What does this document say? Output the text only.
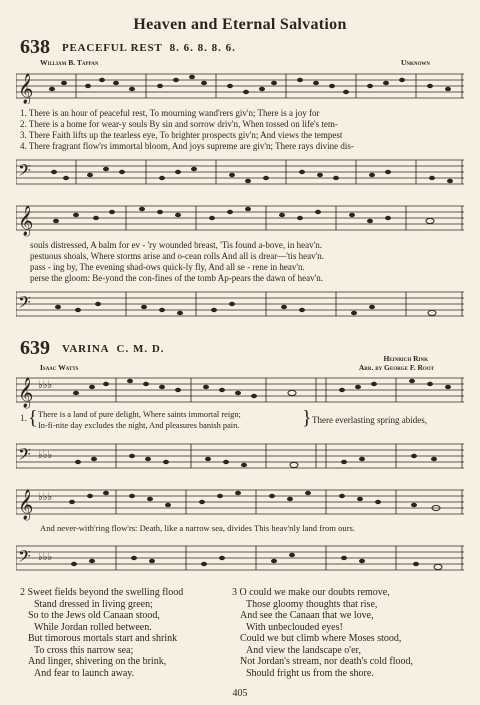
Heaven and Eternal Salvation
638 PEACEFUL REST 8. 6. 8. 8. 6.
William B. Tappan	Unknown
𝄞
1. There is an hour of peaceful rest, To mourning wand'rers giv'n; There is a joy for
2. There is a home for wear-y souls By sin and sorrow driv'n, When tossed on life's tem-
3. There Faith lifts up the tearless eye, To brighter prospects giv'n; And views the tempest
4. There fragrant flow'rs immortal bloom, And joys supreme are giv'n; There rays divine dis-
𝄢
𝄞
souls distressed, A balm for ev - 'ry wounded breast, 'Tis found a-bove, in heav'n.
pestuous shoals, Where storms arise and o-cean rolls And all is drear—'tis heav'n.
pass - ing by, The evening shad-ows quick-ly fly, And all se - rene in heav'n.
perse the gloom: Be-yond the con-fines of the tomb Ap-pears the dawn of heav'n.
𝄢
639 VARINA C. M. D.
Heinrich Rink
Isaac Watts	Arr. by George F. Root
𝄞 ♭♭♭
1. { There is a land of pure delight, Where saints immortal reign;
In-fi-nite day excludes the night, And pleasures banish pain.	} There everlasting spring abides,
𝄢 ♭♭♭
𝄞 ♭♭♭
And never-with'ring flow'rs: Death, like a narrow sea, divides This heav'nly land from ours.
𝄢 ♭♭♭
2 Sweet fields beyond the swelling flood
Stand dressed in living green;
So to the Jews old Canaan stood,
While Jordan rolled between.
But timorous mortals start and shrink
To cross this narrow sea;
And linger, shivering on the brink,
And fear to launch away.
3 O could we make our doubts remove,
Those gloomy thoughts that rise,
And see the Canaan that we love,
With unbeclouded eyes!
Could we but climb where Moses stood,
And view the landscape o'er,
Not Jordan's stream, nor death's cold flood,
Should fright us from the shore.
405
